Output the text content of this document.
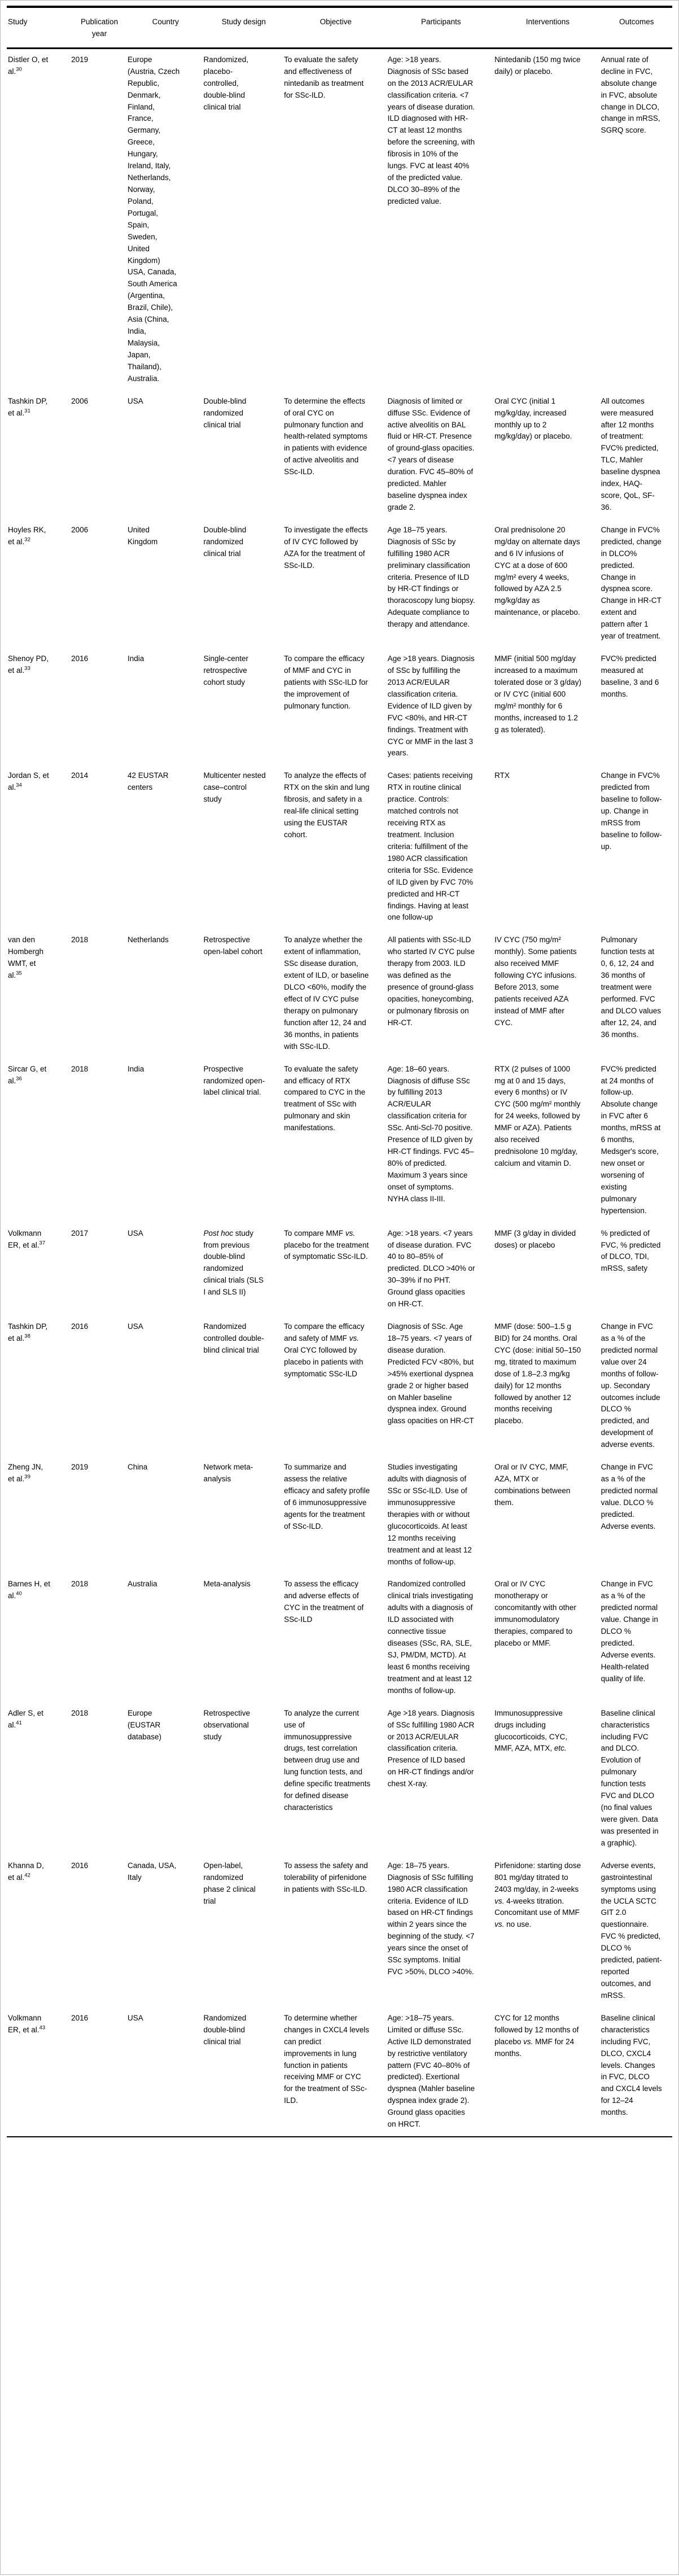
Study	Publication year	Country	Study design	Objective	Participants	Interventions	Outcomes
Distler O, et al.$^{30}$	2019	Europe (Austria, Czech Republic, Denmark, Finland, France, Germany, Greece, Hungary, Ireland, Italy, Netherlands, Norway, Poland, Portugal, Spain, Sweden, United Kingdom) USA, Canada, South America (Argentina, Brazil, Chile), Asia (China, India, Malaysia, Japan, Thailand), Australia.	Randomized, placebo-controlled, double-blind clinical trial	To evaluate the safety and effectiveness of nintedanib as treatment for SSc-ILD.	Age: >18 years. Diagnosis of SSc based on the 2013 ACR/EULAR classification criteria. <7 years of disease duration. ILD diagnosed with HR-CT at least 12 months before the screening, with fibrosis in 10% of the lungs. FVC at least 40% of the predicted value. DLCO 30–89% of the predicted value.	Nintedanib (150 mg twice daily) or placebo.	Annual rate of decline in FVC, absolute change in FVC, absolute change in DLCO, change in mRSS, SGRQ score.
Tashkin DP, et al.$^{31}$	2006	USA	Double-blind randomized clinical trial	To determine the effects of oral CYC on pulmonary function and health-related symptoms in patients with evidence of active alveolitis and SSc-ILD.	Diagnosis of limited or diffuse SSc. Evidence of active alveolitis on BAL fluid or HR-CT. Presence of ground-glass opacities. <7 years of disease duration. FVC 45–80% of predicted. Mahler baseline dyspnea index grade 2.	Oral CYC (initial 1 mg/kg/day, increased monthly up to 2 mg/kg/day) or placebo.	All outcomes were measured after 12 months of treatment: FVC% predicted, TLC, Mahler baseline dyspnea index, HAQ-score, QoL, SF-36.
Hoyles RK, et al.$^{32}$	2006	United Kingdom	Double-blind randomized clinical trial	To investigate the effects of IV CYC followed by AZA for the treatment of SSc-ILD.	Age 18–75 years. Diagnosis of SSc by fulfilling 1980 ACR preliminary classification criteria. Presence of ILD by HR-CT findings or thoracoscopy lung biopsy. Adequate compliance to therapy and attendance.	Oral prednisolone 20 mg/day on alternate days and 6 IV infusions of CYC at a dose of 600 mg/m² every 4 weeks, followed by AZA 2.5 mg/kg/day as maintenance, or placebo.	Change in FVC% predicted, change in DLCO% predicted. Change in dyspnea score. Change in HR-CT extent and pattern after 1 year of treatment.
Shenoy PD, et al.$^{33}$	2016	India	Single-center retrospective cohort study	To compare the efficacy of MMF and CYC in patients with SSc-ILD for the improvement of pulmonary function.	Age >18 years. Diagnosis of SSc by fulfilling the 2013 ACR/EULAR classification criteria. Evidence of ILD given by FVC <80%, and HR-CT findings. Treatment with CYC or MMF in the last 3 years.	MMF (initial 500 mg/day increased to a maximum tolerated dose or 3 g/day) or IV CYC (initial 600 mg/m² monthly for 6 months, increased to 1.2 g as tolerated).	FVC% predicted measured at baseline, 3 and 6 months.
Jordan S, et al.$^{34}$	2014	42 EUSTAR centers	Multicenter nested case–control study	To analyze the effects of RTX on the skin and lung fibrosis, and safety in a real-life clinical setting using the EUSTAR cohort.	Cases: patients receiving RTX in routine clinical practice. Controls: matched controls not receiving RTX as treatment. Inclusion criteria: fulfillment of the 1980 ACR classification criteria for SSc. Evidence of ILD given by FVC 70% predicted and HR-CT findings. Having at least one follow-up	RTX	Change in FVC% predicted from baseline to follow-up. Change in mRSS from baseline to follow-up.
van den Hombergh WMT, et al.$^{35}$	2018	Netherlands	Retrospective open-label cohort	To analyze whether the extent of inflammation, SSc disease duration, extent of ILD, or baseline DLCO <60%, modify the effect of IV CYC pulse therapy on pulmonary function after 12, 24 and 36 months, in patients with SSc-ILD.	All patients with SSc-ILD who started IV CYC pulse therapy from 2003. ILD was defined as the presence of ground-glass opacities, honeycombing, or pulmonary fibrosis on HR-CT.	IV CYC (750 mg/m² monthly). Some patients also received MMF following CYC infusions. Before 2013, some patients received AZA instead of MMF after CYC.	Pulmonary function tests at 0, 6, 12, 24 and 36 months of treatment were performed. FVC and DLCO values after 12, 24, and 36 months.
Sircar G, et al.$^{36}$	2018	India	Prospective randomized open-label clinical trial.	To evaluate the safety and efficacy of RTX compared to CYC in the treatment of SSc with pulmonary and skin manifestations.	Age: 18–60 years. Diagnosis of diffuse SSc by fulfilling 2013 ACR/EULAR classification criteria for SSc. Anti-Scl-70 positive. Presence of ILD given by HR-CT findings. FVC 45–80% of predicted. Maximum 3 years since onset of symptoms. NYHA class II-III.	RTX (2 pulses of 1000 mg at 0 and 15 days, every 6 months) or IV CYC (500 mg/m² monthly for 24 weeks, followed by MMF or AZA). Patients also received prednisolone 10 mg/day, calcium and vitamin D.	FVC% predicted at 24 months of follow-up. Absolute change in FVC after 6 months, mRSS at 6 months, Medsger's score, new onset or worsening of existing pulmonary hypertension.
Volkmann ER, et al.$^{37}$	2017	USA	Post hoc study from previous double-blind randomized clinical trials (SLS I and SLS II)	To compare MMF vs. placebo for the treatment of symptomatic SSc-ILD.	Age: >18 years. <7 years of disease duration. FVC 40 to 80–85% of predicted. DLCO >40% or 30–39% if no PHT. Ground glass opacities on HR-CT.	MMF (3 g/day in divided doses) or placebo	% predicted of FVC, % predicted of DLCO, TDI, mRSS, safety
Tashkin DP, et al.$^{38}$	2016	USA	Randomized controlled double-blind clinical trial	To compare the efficacy and safety of MMF vs. Oral CYC followed by placebo in patients with symptomatic SSc-ILD	Diagnosis of SSc. Age 18–75 years. <7 years of disease duration. Predicted FCV <80%, but >45% exertional dyspnea grade 2 or higher based on Mahler baseline dyspnea index. Ground glass opacities on HR-CT	MMF (dose: 500–1.5 g BID) for 24 months. Oral CYC (dose: initial 50–150 mg, titrated to maximum dose of 1.8–2.3 mg/kg daily) for 12 months followed by another 12 months receiving placebo.	Change in FVC as a % of the predicted normal value over 24 months of follow-up. Secondary outcomes include DLCO % predicted, and development of adverse events.
Zheng JN, et al.$^{39}$	2019	China	Network meta-analysis	To summarize and assess the relative efficacy and safety profile of 6 immunosuppressive agents for the treatment of SSc-ILD.	Studies investigating adults with diagnosis of SSc or SSc-ILD. Use of immunosuppressive therapies with or without glucocorticoids. At least 12 months receiving treatment and at least 12 months of follow-up.	Oral or IV CYC, MMF, AZA, MTX or combinations between them.	Change in FVC as a % of the predicted normal value. DLCO % predicted. Adverse events.
Barnes H, et al.$^{40}$	2018	Australia	Meta-analysis	To assess the efficacy and adverse effects of CYC in the treatment of SSc-ILD	Randomized controlled clinical trials investigating adults with a diagnosis of ILD associated with connective tissue diseases (SSc, RA, SLE, SJ, PM/DM, MCTD). At least 6 months receiving treatment and at least 12 months of follow-up.	Oral or IV CYC monotherapy or concomitantly with other immunomodulatory therapies, compared to placebo or MMF.	Change in FVC as a % of the predicted normal value. Change in DLCO % predicted. Adverse events. Health-related quality of life.
Adler S, et al.$^{41}$	2018	Europe (EUSTAR database)	Retrospective observational study	To analyze the current use of immunosuppressive drugs, test correlation between drug use and lung function tests, and define specific treatments for defined disease characteristics	Age >18 years. Diagnosis of SSc fulfilling 1980 ACR or 2013 ACR/EULAR classification criteria. Presence of ILD based on HR-CT findings and/or chest X-ray.	Immunosuppressive drugs including glucocorticoids, CYC, MMF, AZA, MTX, etc.	Baseline clinical characteristics including FVC and DLCO. Evolution of pulmonary function tests FVC and DLCO (no final values were given. Data was presented in a graphic).
Khanna D, et al.$^{42}$	2016	Canada, USA, Italy	Open-label, randomized phase 2 clinical trial	To assess the safety and tolerability of pirfenidone in patients with SSc-ILD.	Age: 18–75 years. Diagnosis of SSc fulfilling 1980 ACR classification criteria. Evidence of ILD based on HR-CT findings within 2 years since the beginning of the study. <7 years since the onset of SSc symptoms. Initial FVC >50%, DLCO >40%.	Pirfenidone: starting dose 801 mg/day titrated to 2403 mg/day, in 2-weeks vs. 4-weeks titration. Concomitant use of MMF vs. no use.	Adverse events, gastrointestinal symptoms using the UCLA SCTC GIT 2.0 questionnaire. FVC % predicted, DLCO % predicted, patient-reported outcomes, and mRSS.
Volkmann ER, et al.$^{43}$	2016	USA	Randomized double-blind clinical trial	To determine whether changes in CXCL4 levels can predict improvements in lung function in patients receiving MMF or CYC for the treatment of SSc-ILD.	Age: >18–75 years. Limited or diffuse SSc. Active ILD demonstrated by restrictive ventilatory pattern (FVC 40–80% of predicted). Exertional dyspnea (Mahler baseline dyspnea index grade 2). Ground glass opacities on HRCT.	CYC for 12 months followed by 12 months of placebo vs. MMF for 24 months.	Baseline clinical characteristics including FVC, DLCO, CXCL4 levels. Changes in FVC, DLCO and CXCL4 levels for 12–24 months.
